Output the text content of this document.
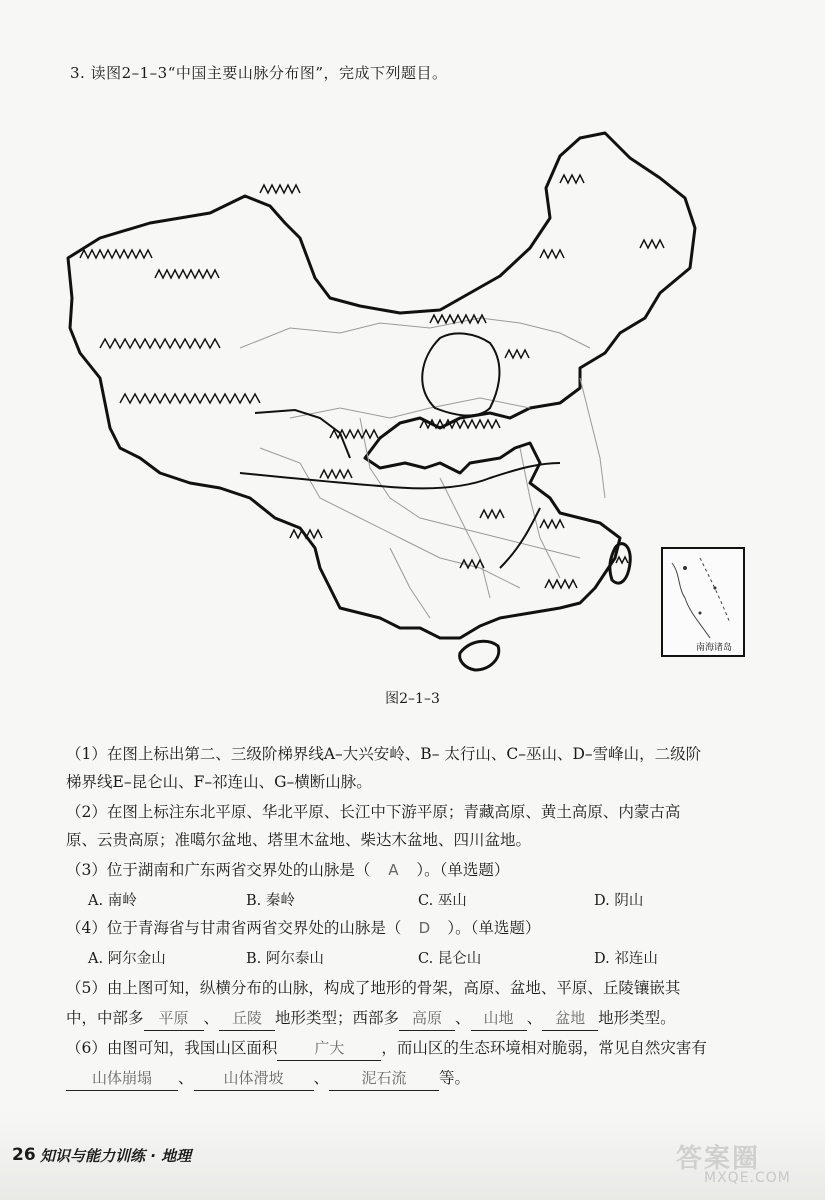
3. 读图2–1–3“中国主要山脉分布图”，完成下列题目。
南海诸岛
图2–1–3
（1）在图上标出第二、三级阶梯界线A–大兴安岭、B– 太行山、C–巫山、D–雪峰山，二级阶
梯界线E–昆仑山、F–祁连山、G–横断山脉。
（2）在图上标注东北平原、华北平原、长江中下游平原；青藏高原、黄土高原、内蒙古高
原、云贵高原；准噶尔盆地、塔里木盆地、柴达木盆地、四川盆地。
（3）位于湖南和广东两省交界处的山脉是（ A ）。（单选题）
A. 南岭	B. 秦岭	C. 巫山	D. 阴山
（4）位于青海省与甘肃省两省交界处的山脉是（ D ）。（单选题）
A. 阿尔金山	B. 阿尔泰山	C. 昆仑山	D. 祁连山
（5）由上图可知，纵横分布的山脉，构成了地形的骨架，高原、盆地、平原、丘陵镶嵌其
中，中部多 平原 、 丘陵 地形类型；西部多 高原 、 山地 、 盆地 地形类型。
（6）由图可知，我国山区面积 广大 ，而山区的生态环境相对脆弱，常见自然灾害有
山体崩塌 、 山体滑坡 、 泥石流 等。
26 知识与能力训练 · 地理	答案圈
MXQE.COM
